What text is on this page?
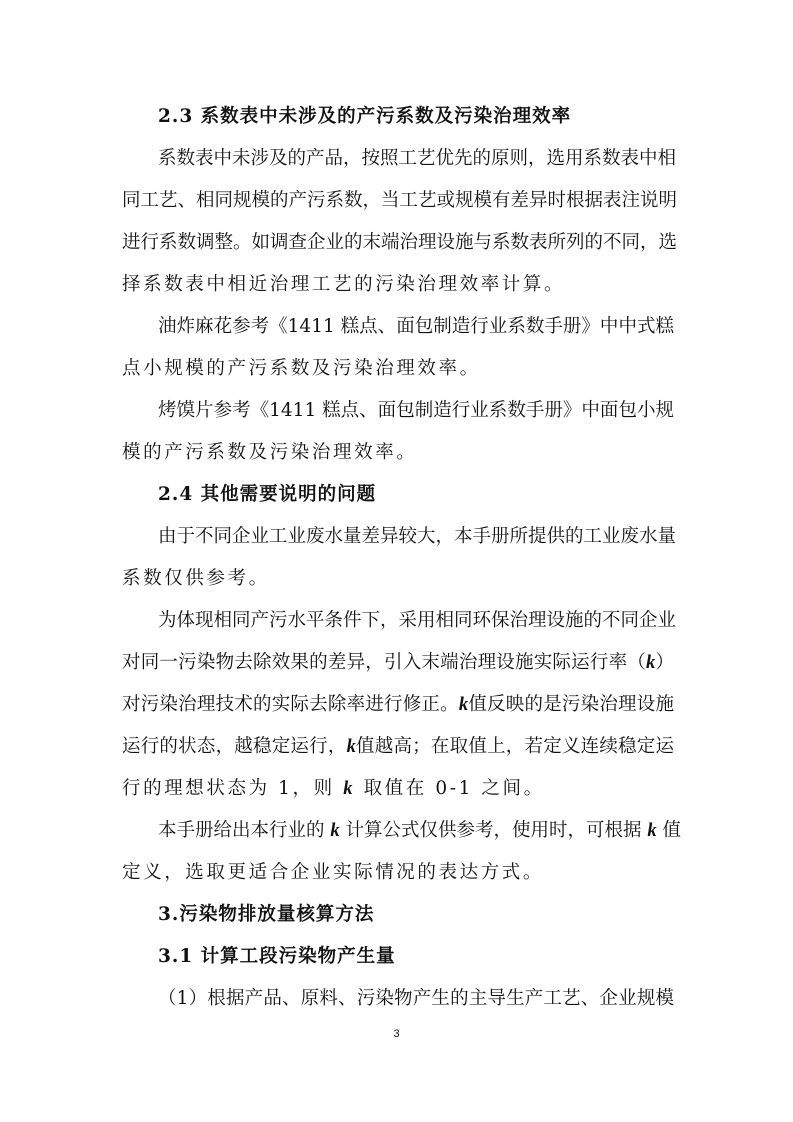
2.3 系数表中未涉及的产污系数及污染治理效率
系数表中未涉及的产品，按照工艺优先的原则，选用系数表中相
同工艺、相同规模的产污系数，当工艺或规模有差异时根据表注说明
进行系数调整。如调查企业的末端治理设施与系数表所列的不同，选
择系数表中相近治理工艺的污染治理效率计算。
油炸麻花参考《1411 糕点、面包制造行业系数手册》中中式糕
点小规模的产污系数及污染治理效率。
烤馍片参考《1411 糕点、面包制造行业系数手册》中面包小规
模的产污系数及污染治理效率。
2.4 其他需要说明的问题
由于不同企业工业废水量差异较大，本手册所提供的工业废水量
系数仅供参考。
为体现相同产污水平条件下，采用相同环保治理设施的不同企业
对同一污染物去除效果的差异，引入末端治理设施实际运行率（k）
对污染治理技术的实际去除率进行修正。k值反映的是污染治理设施
运行的状态，越稳定运行，k值越高；在取值上，若定义连续稳定运
行的理想状态为 1，则 k 取值在 0-1 之间。
本手册给出本行业的 k 计算公式仅供参考，使用时，可根据 k 值
定义，选取更适合企业实际情况的表达方式。
3.污染物排放量核算方法
3.1 计算工段污染物产生量
（1）根据产品、原料、污染物产生的主导生产工艺、企业规模
3
